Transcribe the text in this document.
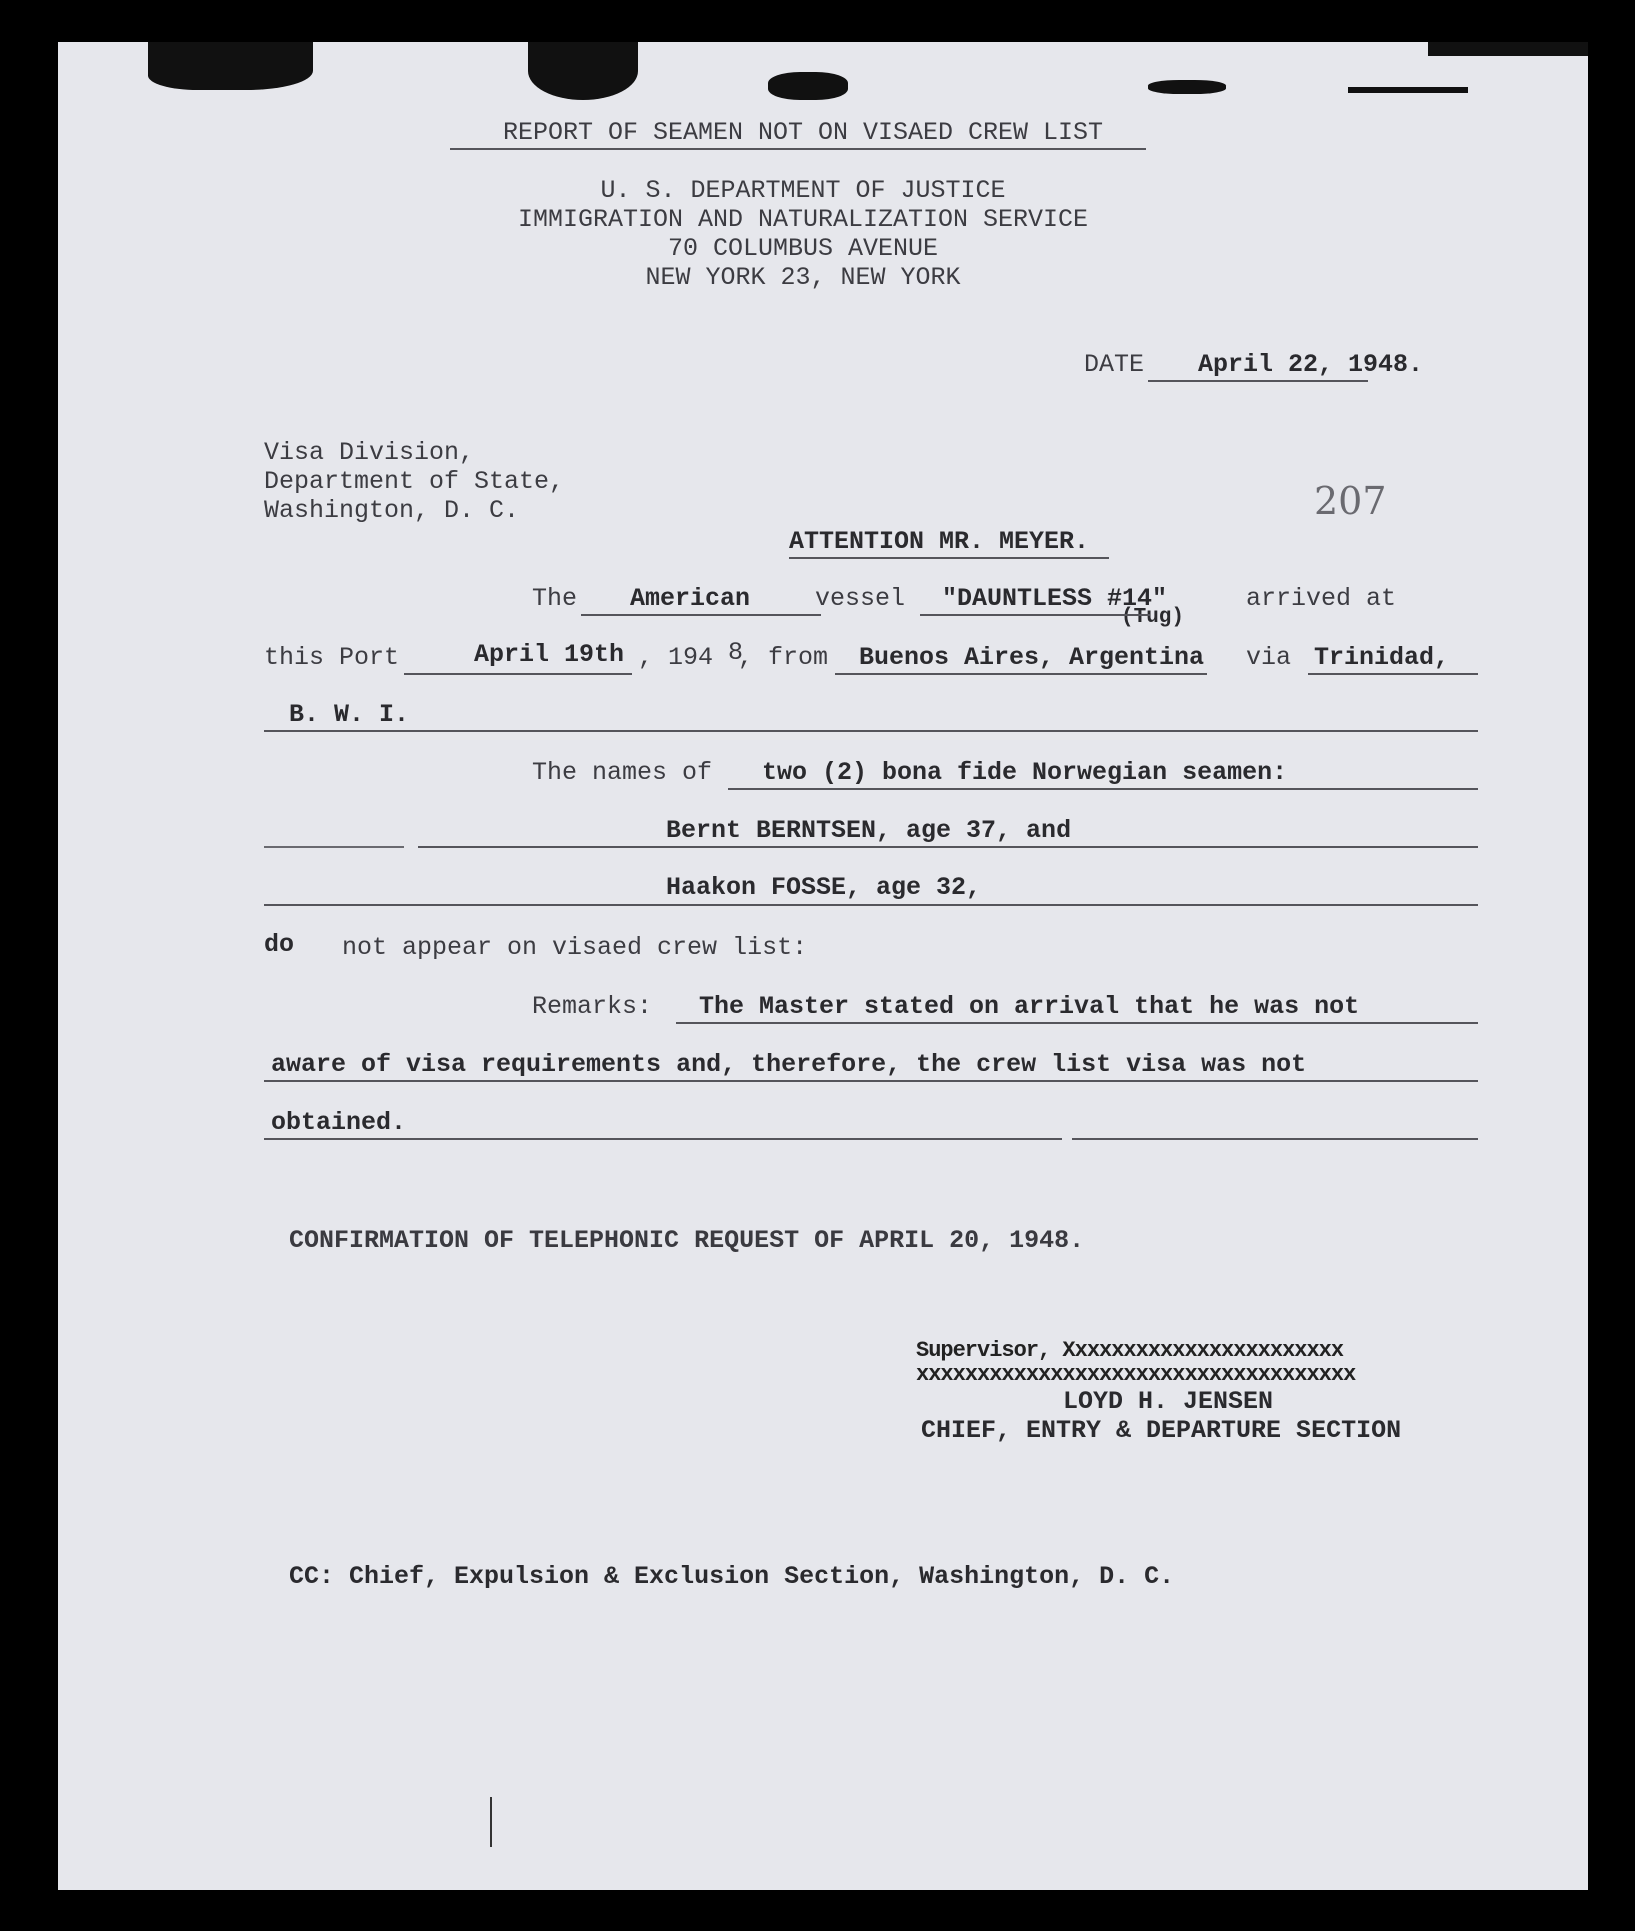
REPORT OF SEAMEN NOT ON VISAED CREW LIST
U. S. DEPARTMENT OF JUSTICE
IMMIGRATION AND NATURALIZATION SERVICE
70 COLUMBUS AVENUE
NEW YORK 23, NEW YORK
DATE April 22, 1948.
Visa Division,
Department of State,
Washington, D. C.	207
ATTENTION MR. MEYER.
The American	vessel "DAUNTLESS #14"
(Tug)
arrived at
this Port	April 19th , 194 8
, from Buenos Aires, Argentina via Trinidad,
B. W. I.
The names of two (2) bona fide Norwegian seamen:
Bernt BERNTSEN, age 37, and
Haakon FOSSE, age 32,
do not appear on visaed crew list:
Remarks: The Master stated on arrival that he was not
aware of visa requirements and, therefore, the crew list visa was not
obtained.
CONFIRMATION OF TELEPHONIC REQUEST OF APRIL 20, 1948.
Supervisor, Xxxxxxxxxxxxxxxxxxxxxxx
xxxxxxxxxxxxxxxxxxxxxxxxxxxxxxxxxxxx
LOYD H. JENSEN
CHIEF, ENTRY & DEPARTURE SECTION
CC: Chief, Expulsion & Exclusion Section, Washington, D. C.
